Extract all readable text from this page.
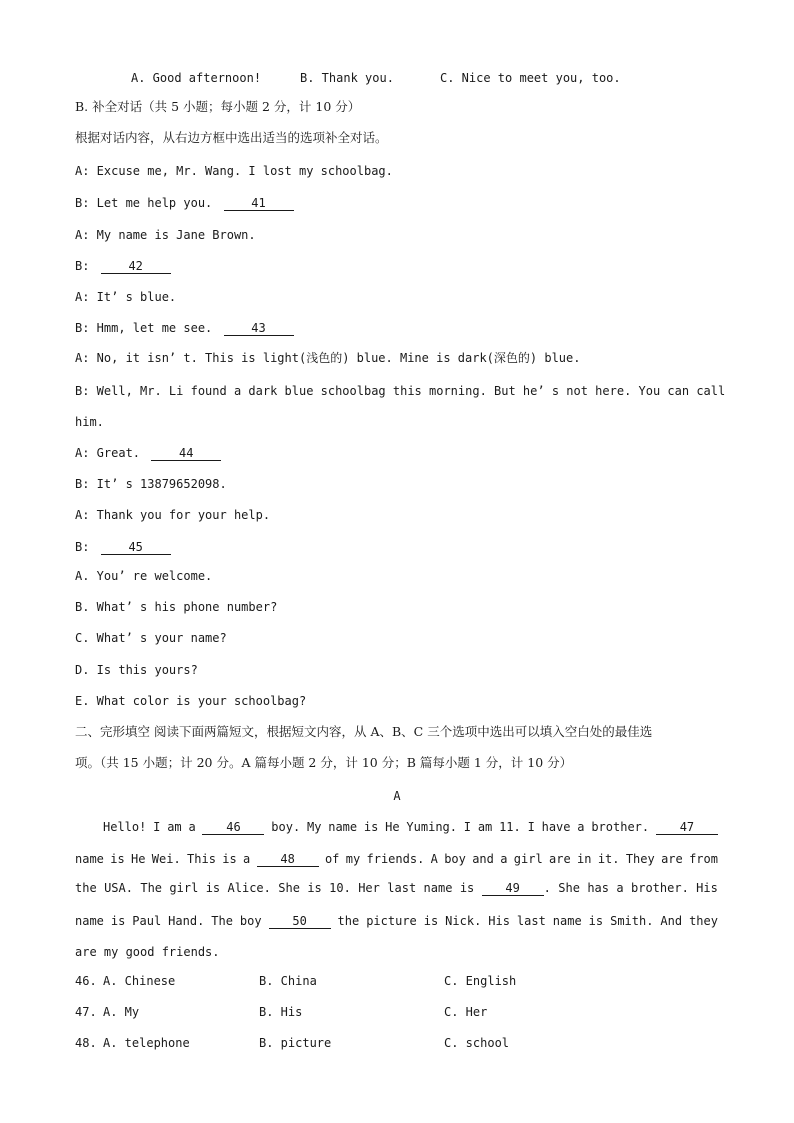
A. Good afternoon!	B. Thank you.	C. Nice to meet you, too.
B. 补全对话（共 5 小题；每小题 2 分，计 10 分）
根据对话内容，从右边方框中选出适当的选项补全对话。
A: Excuse me, Mr. Wang. I lost my schoolbag.
B: Let me help you.	41
A: My name is Jane Brown.
B:	42
A: It’ s blue.
B: Hmm, let me see.	43
A: No, it isn’ t. This is light(浅色的) blue. Mine is dark(深色的) blue.
B: Well, Mr. Li found a dark blue schoolbag this morning. But he’ s not here. You can call
him.
A: Great.	44
B: It’ s 13879652098.
A: Thank you for your help.
B:	45
A. You’ re welcome.
B. What’ s his phone number?
C. What’ s your name?
D. Is this yours?
E. What color is your schoolbag?
二、完形填空 阅读下面两篇短文，根据短文内容，从 A、B、C 三个选项中选出可以填入空白处的最佳选
项。（共 15 小题；计 20 分。A 篇每小题 2 分，计 10 分；B 篇每小题 1 分，计 10 分）
A
Hello! I am a	46	boy. My name is He Yuming. I am 11. I have a brother.	47
name is He Wei. This is a	48	of my friends. A boy and a girl are in it. They are from
the USA. The girl is Alice. She is 10. Her last name is	49 . She has a brother. His
name is Paul Hand. The boy	50	the picture is Nick. His last name is Smith. And they
are my good friends.
46. A. Chinese	B. China	C. English
47. A. My	B. His	C. Her
48. A. telephone	B. picture	C. school
